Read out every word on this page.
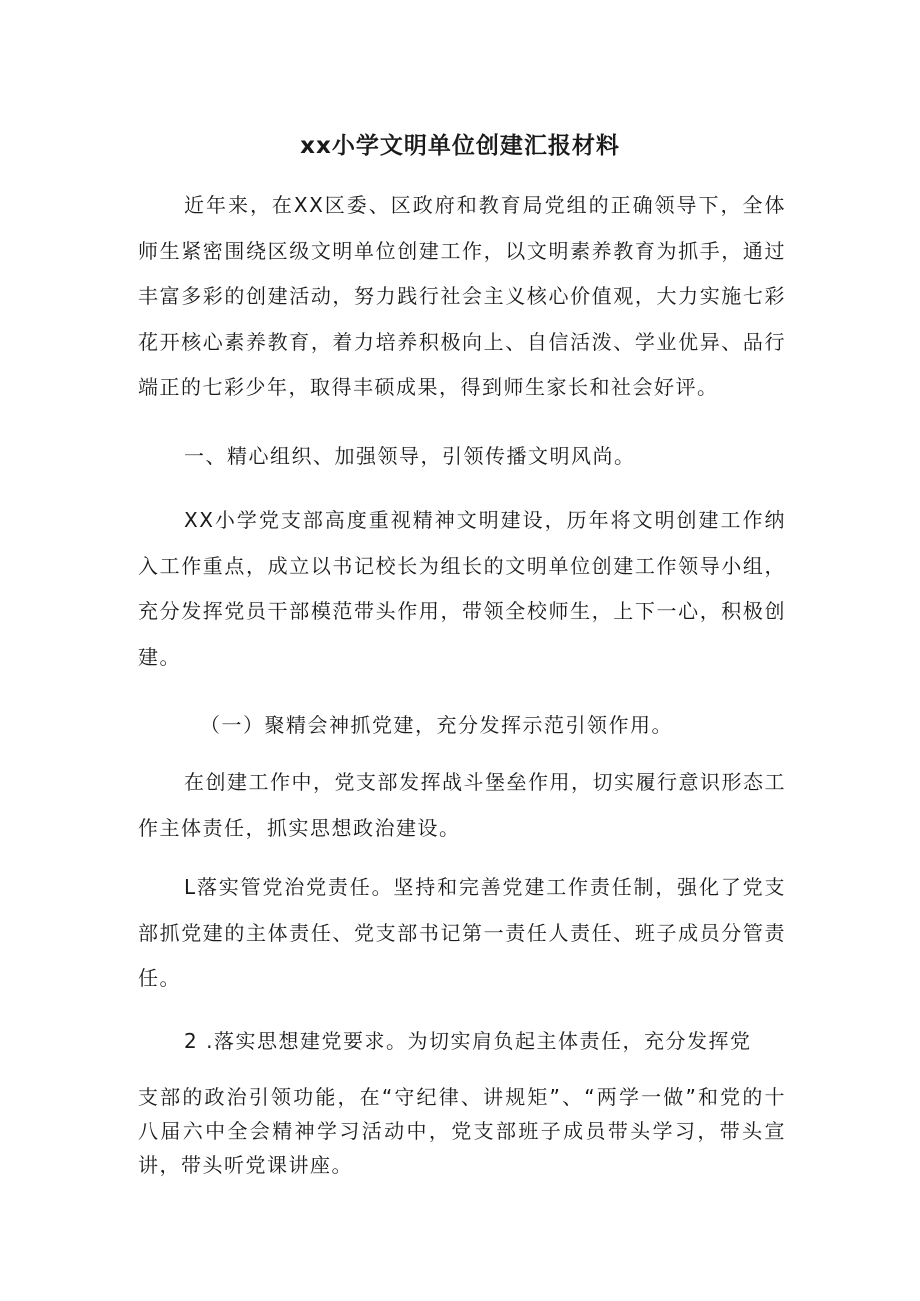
xx小学文明单位创建汇报材料

近年来，在XX区委、区政府和教育局党组的正确领导下，全体师生紧密围绕区级文明单位创建工作，以文明素养教育为抓手，通过丰富多彩的创建活动，努力践行社会主义核心价值观，大力实施七彩花开核心素养教育，着力培养积极向上、自信活泼、学业优异、品行端正的七彩少年，取得丰硕成果，得到师生家长和社会好评。

一、精心组织、加强领导，引领传播文明风尚。

XX小学党支部高度重视精神文明建设，历年将文明创建工作纳入工作重点，成立以书记校长为组长的文明单位创建工作领导小组，充分发挥党员干部模范带头作用，带领全校师生，上下一心，积极创建。

（一）聚精会神抓党建，充分发挥示范引领作用。

在创建工作中，党支部发挥战斗堡垒作用，切实履行意识形态工作主体责任，抓实思想政治建设。

L落实管党治党责任。坚持和完善党建工作责任制，强化了党支部抓党建的主体责任、党支部书记第一责任人责任、班子成员分管责任。

2 .落实思想建党要求。为切实肩负起主体责任，充分发挥党

支部的政治引领功能，在“守纪律、讲规矩”、“两学一做”和党的十八届六中全会精神学习活动中，党支部班子成员带头学习，带头宣讲，带头听党课讲座。
